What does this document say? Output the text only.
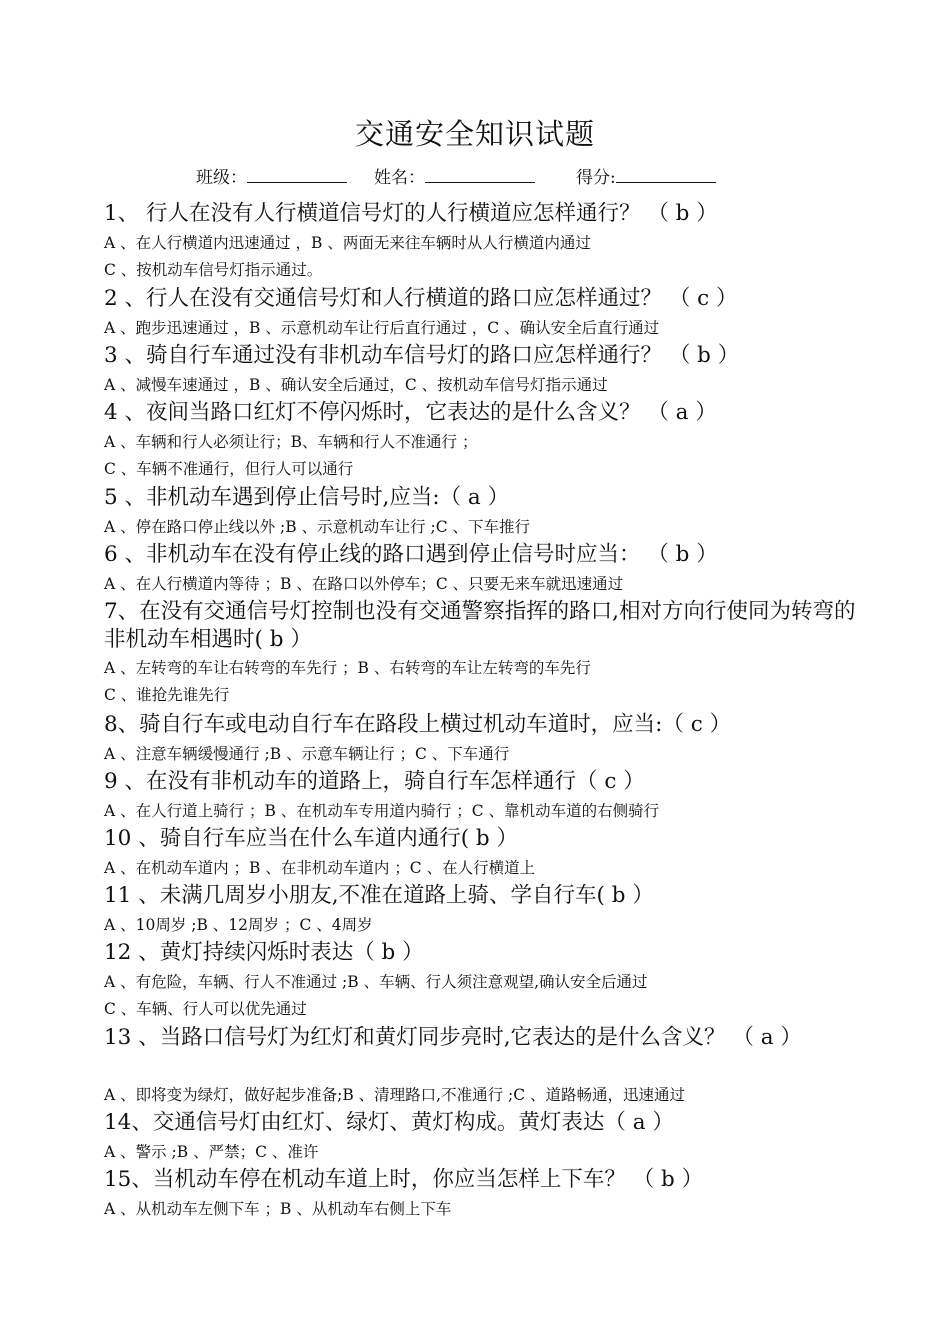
交通安全知识试题
班级：	姓名：	得分:
1、 行人在没有人行横道信号灯的人行横道应怎样通行？ （ b ）
A 、在人行横道内迅速通过 ，B 、两面无来往车辆时从人行横道内通过
C 、按机动车信号灯指示通过。
2 、行人在没有交通信号灯和人行横道的路口应怎样通过？ （ c ）
A 、跑步迅速通过 ，B 、示意机动车让行后直行通过 ，C 、确认安全后直行通过
3 、骑自行车通过没有非机动车信号灯的路口应怎样通行？ （ b ）
A 、减慢车速通过 ，B 、确认安全后通过，C 、按机动车信号灯指示通过
4 、夜间当路口红灯不停闪烁时，它表达的是什么含义？ （ a ）
A 、车辆和行人必须让行；B、车辆和行人不准通行 ；
C 、车辆不准通行，但行人可以通行
5 、非机动车遇到停止信号时,应当:（ a ）
A 、停在路口停止线以外 ;B 、示意机动车让行 ;C 、下车推行
6 、非机动车在没有停止线的路口遇到停止信号时应当： （ b ）
A 、在人行横道内等待 ；B 、在路口以外停车；C 、只要无来车就迅速通过
7、在没有交通信号灯控制也没有交通警察指挥的路口,相对方向行使同为转弯的非机动车相遇时( b ）
A 、左转弯的车让右转弯的车先行 ；B 、右转弯的车让左转弯的车先行
C 、谁抢先谁先行
8、骑自行车或电动自行车在路段上横过机动车道时，应当:（ c ）
A 、注意车辆缓慢通行 ;B 、示意车辆让行 ；C 、下车通行
9 、在没有非机动车的道路上，骑自行车怎样通行（ c ）
A 、在人行道上骑行 ；B 、在机动车专用道内骑行 ；C 、靠机动车道的右侧骑行
10 、骑自行车应当在什么车道内通行( b ）
A 、在机动车道内 ；B 、在非机动车道内 ；C 、在人行横道上
11 、未满几周岁小朋友,不准在道路上骑、学自行车( b ）
A 、10周岁 ;B 、12周岁 ；C 、4周岁
12 、黄灯持续闪烁时表达（ b ）
A 、有危险，车辆、行人不准通过 ;B 、车辆、行人须注意观望,确认安全后通过
C 、车辆、行人可以优先通过
13 、当路口信号灯为红灯和黄灯同步亮时,它表达的是什么含义？ （ a ）
A 、即将变为绿灯，做好起步准备;B 、清理路口,不准通行 ;C 、道路畅通，迅速通过
14、交通信号灯由红灯、绿灯、黄灯构成。黄灯表达（ a ）
A 、警示 ;B 、严禁；C 、准许
15、当机动车停在机动车道上时，你应当怎样上下车？ （ b ）
A 、从机动车左侧下车 ；B 、从机动车右侧上下车
